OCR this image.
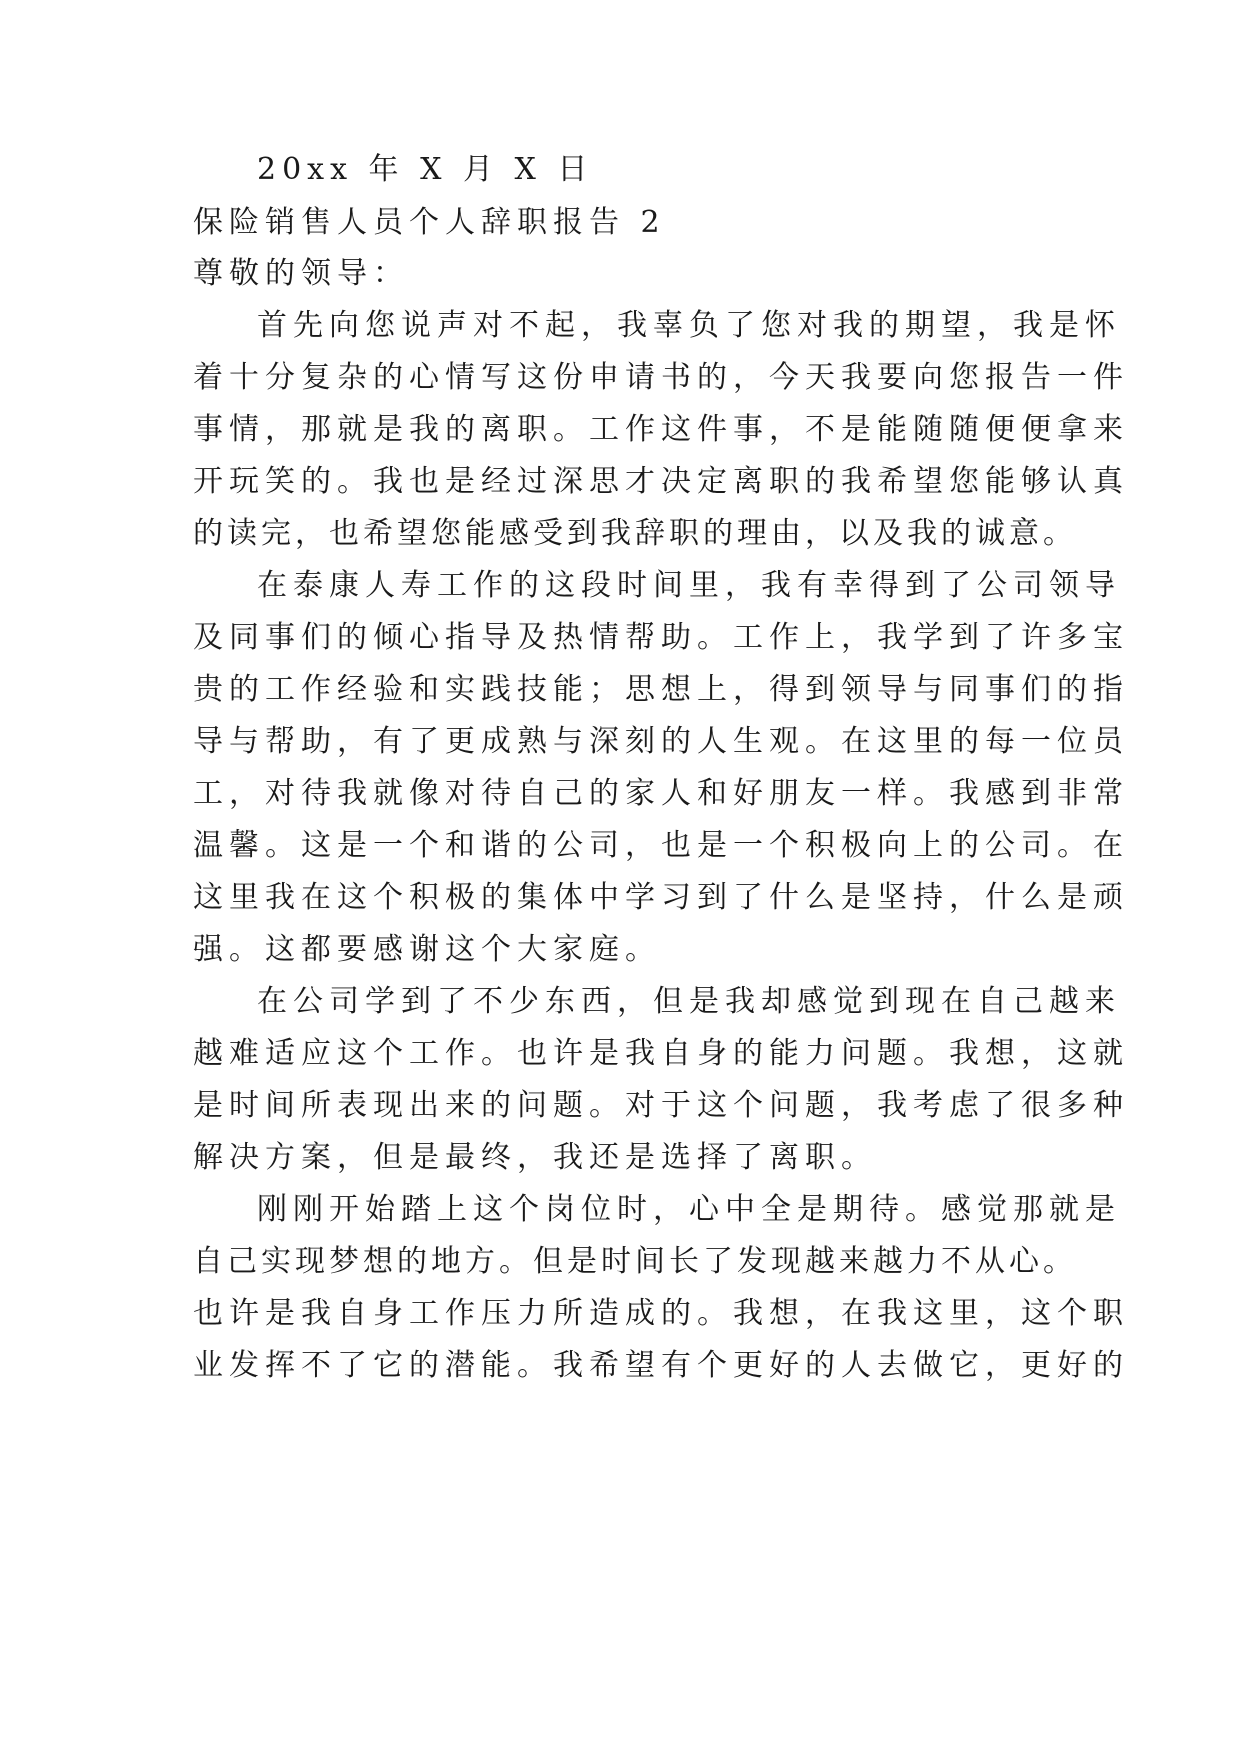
20xx 年 X 月 X 日

保险销售人员个人辞职报告 2

尊敬的领导：

首先向您说声对不起，我辜负了您对我的期望，我是怀

着十分复杂的心情写这份申请书的，今天我要向您报告一件

事情，那就是我的离职。工作这件事，不是能随随便便拿来

开玩笑的。我也是经过深思才决定离职的我希望您能够认真

的读完，也希望您能感受到我辞职的理由，以及我的诚意。

在泰康人寿工作的这段时间里，我有幸得到了公司领导

及同事们的倾心指导及热情帮助。工作上，我学到了许多宝

贵的工作经验和实践技能；思想上，得到领导与同事们的指

导与帮助，有了更成熟与深刻的人生观。在这里的每一位员

工，对待我就像对待自己的家人和好朋友一样。我感到非常

温馨。这是一个和谐的公司，也是一个积极向上的公司。在

这里我在这个积极的集体中学习到了什么是坚持，什么是顽

强。这都要感谢这个大家庭。

在公司学到了不少东西，但是我却感觉到现在自己越来

越难适应这个工作。也许是我自身的能力问题。我想，这就

是时间所表现出来的问题。对于这个问题，我考虑了很多种

解决方案，但是最终，我还是选择了离职。

刚刚开始踏上这个岗位时，心中全是期待。感觉那就是

自己实现梦想的地方。但是时间长了发现越来越力不从心。

也许是我自身工作压力所造成的。我想，在我这里，这个职

业发挥不了它的潜能。我希望有个更好的人去做它，更好的
